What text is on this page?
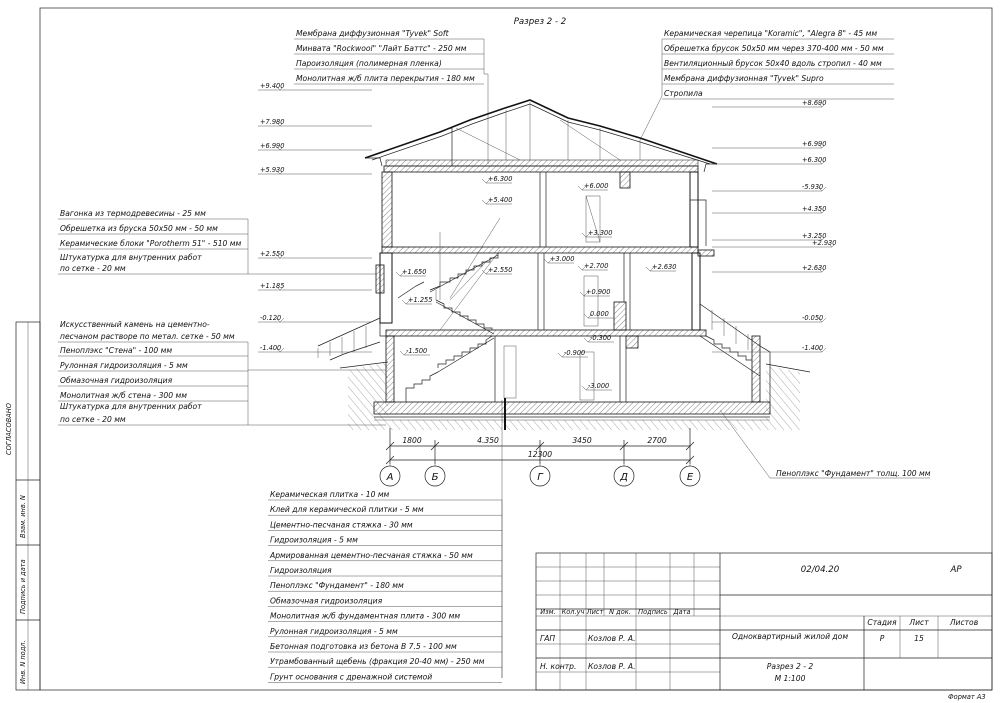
СОГЛАСОВАНО
Взам. инв. N
Подпись и дата
Инв. N подл.
Разрез 2 - 2
Мембрана диффузионная "Tyvek" Soft
Минвата "Rockwool" "Лайт Баттс" - 250 мм
Пароизоляция (полимерная пленка)
Монолитная ж/б плита перекрытия - 180 мм
Керамическая черепица "Koramic", "Alegra 8" - 45 мм
Обрешетка брусок 50х50 мм через 370-400 мм - 50 мм
Вентиляционный брусок 50х40 вдоль стропил - 40 мм
Мембрана диффузионная "Tyvek" Supro
Стропила
Вагонка из термодревесины - 25 мм
Обрешетка из бруска 50х50 мм - 50 мм
Керамические блоки "Porotherm 51" - 510 мм
Штукатурка для внутренних работ
по сетке - 20 мм
Искусственный камень на цементно-
песчаном растворе по метал. сетке - 50 мм
Пеноплэкс "Стена" - 100 мм
Рулонная гидроизоляция - 5 мм
Обмазочная гидроизоляция
Монолитная ж/б стена - 300 мм
Штукатурка для внутренних работ
по сетке - 20 мм
Керамическая плитка - 10 мм
Клей для керамической плитки - 5 мм
Цементно-песчаная стяжка - 30 мм
Гидроизоляция - 5 мм
Армированная цементно-песчаная стяжка - 50 мм
Гидроизоляция
Пеноплэкс "Фундамент" - 180 мм
Обмазочная гидроизоляция
Монолитная ж/б фундаментная плита - 300 мм
Рулонная гидроизоляция - 5 мм
Бетонная подготовка из бетона В 7.5 - 100 мм
Утрамбованный щебень (фракция 20-40 мм) - 250 мм
Грунт основания с дренажной системой
+9.400
+7.980
+6.990
+5.930
+2.550
+1.185
-0.120
-1.400
+8.690
+6.990
+6.300
-5.930
+4.350
+3.250
+2.930
+2.630
-0.050
-1.400
+6.300
+6.000
+5.400
+3.300
+3.000
+2.700	+2.630
+2.550
+1.650
+1.255
+0.900
0.000
-0.300
-0.900
-1.500
-3.000
1800	4.350	3450	2700
12300
А	Б	Г	Д	Е	Пеноплэкс "Фундамент" толщ. 100 мм
02/04.20	АР
Изм. Кол.уч Лист N док. Подпись Дата
ГАП	Козлов Р. А.
Н. контр. Козлов Р. А.
Одноквартирный жилой дом
Разрез 2 - 2
М 1:100
Стадия Лист	Листов
Р	15
Формат А3
